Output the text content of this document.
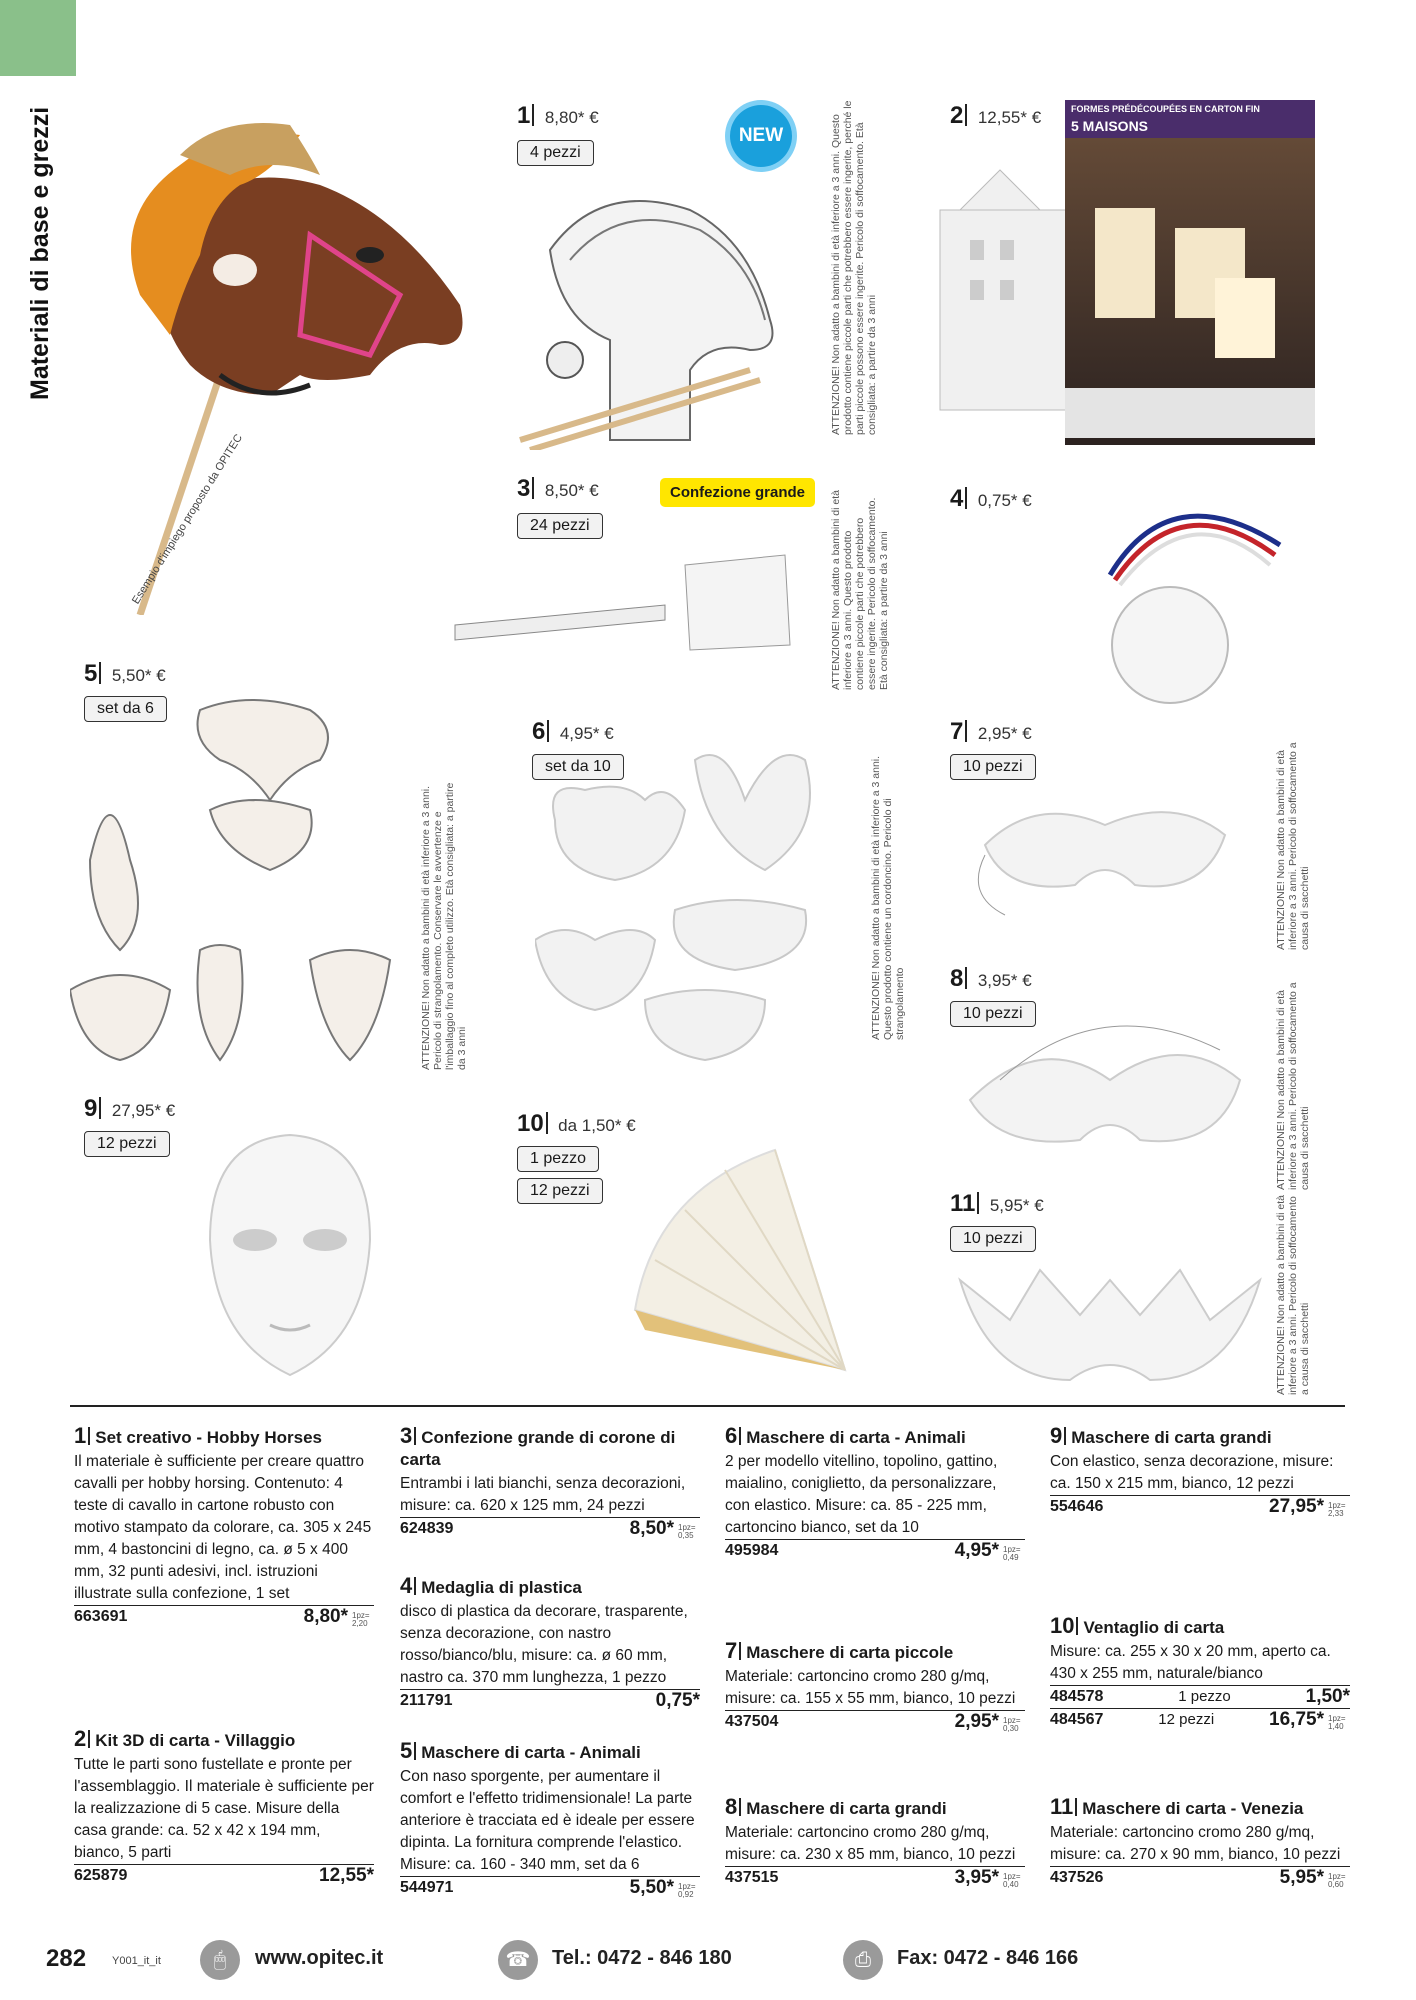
Materiali di base e grezzi
Esempio d'impiego proposto da OPITEC
1 8,80* €
4 pezzi
NEW	ATTENZIONE! Non adatto a bambini di età inferiore a 3 anni. Questo prodotto contiene piccole parti che potrebbero essere ingerite, perché le parti piccole possono essere ingerite. Pericolo di soffocamento. Età consigliata: a partire da 3 anni
2 12,55* €	FORMES PRÉDÉCOUPÉES EN CARTON FIN
5 MAISONS
3 8,50* €
24 pezzi
Confezione grande	ATTENZIONE! Non adatto a bambini di età inferiore a 3 anni. Questo prodotto contiene piccole parti che potrebbero essere ingerite. Pericolo di soffocamento. Età consigliata: a partire da 3 anni
4 0,75* €
5 5,50* €
set da 6
ATTENZIONE! Non adatto a bambini di età inferiore a 3 anni. Pericolo di strangolamento. Conservare le avvertenze e l'imballaggio fino al completo utilizzo. Età consigliata: a partire da 3 anni
6 4,95* €
set da 10	ATTENZIONE! Non adatto a bambini di età inferiore a 3 anni. Questo prodotto contiene un cordoncino. Pericolo di strangolamento
7 2,95* €
10 pezzi	ATTENZIONE! Non adatto a bambini di età inferiore a 3 anni. Pericolo di soffocamento a causa di sacchetti
8 3,95* €
10 pezzi	ATTENZIONE! Non adatto a bambini di età inferiore a 3 anni. Pericolo di soffocamento a causa di sacchetti
9 27,95* €
12 pezzi
10 da 1,50* €
1 pezzo
12 pezzi	11 5,95* €
10 pezzi	ATTENZIONE! Non adatto a bambini di età inferiore a 3 anni. Pericolo di soffocamento a causa di sacchetti
1 Set creativo - Hobby Horses
Il materiale è sufficiente per creare quattro cavalli per hobby horsing. Contenuto: 4 teste di cavallo in cartone robusto con motivo stampato da colorare, ca. 305 x 245 mm, 4 bastoncini di legno, ca. ø 5 x 400 mm, 32 punti adesivi, incl. istruzioni illustrate sulla confezione, 1 set
663691	8,80* 1pz= 2,20
2 Kit 3D di carta - Villaggio
Tutte le parti sono fustellate e pronte per l'assemblaggio. Il materiale è sufficiente per la realizzazione di 5 case. Misure della casa grande: ca. 52 x 42 x 194 mm, bianco, 5 parti
625879	12,55*
3 Confezione grande di corone di carta
Entrambi i lati bianchi, senza decorazioni, misure: ca. 620 x 125 mm, 24 pezzi
624839	8,50* 1pz= 0,35
4 Medaglia di plastica
disco di plastica da decorare, trasparente, senza decorazione, con nastro rosso/bianco/blu, misure: ca. ø 60 mm, nastro ca. 370 mm lunghezza, 1 pezzo
211791	0,75*
5 Maschere di carta - Animali
Con naso sporgente, per aumentare il comfort e l'effetto tridimensionale! La parte anteriore è tracciata ed è ideale per essere dipinta. La fornitura comprende l'elastico. Misure: ca. 160 - 340 mm, set da 6
544971	5,50* 1pz= 0,92
6 Maschere di carta - Animali
2 per modello vitellino, topolino, gattino, maialino, coniglietto, da personalizzare, con elastico. Misure: ca. 85 - 225 mm, cartoncino bianco, set da 10
495984	4,95* 1pz= 0,49
7 Maschere di carta piccole
Materiale: cartoncino cromo 280 g/mq, misure: ca. 155 x 55 mm, bianco, 10 pezzi
437504	2,95* 1pz= 0,30
8 Maschere di carta grandi
Materiale: cartoncino cromo 280 g/mq, misure: ca. 230 x 85 mm, bianco, 10 pezzi
437515	3,95* 1pz= 0,40
9 Maschere di carta grandi
Con elastico, senza decorazione, misure: ca. 150 x 215 mm, bianco, 12 pezzi
554646	27,95* 1pz= 2,33
10 Ventaglio di carta
Misure: ca. 255 x 30 x 20 mm, aperto ca. 430 x 255 mm, naturale/bianco
484578	1 pezzo	1,50*
484567	12 pezzi	16,75* 1pz= 1,40
11 Maschere di carta - Venezia
Materiale: cartoncino cromo 280 g/mq, misure: ca. 270 x 90 mm, bianco, 10 pezzi
437526	5,95* 1pz= 0,60
282 Y001_it_it	🖱	www.opitec.it	☎	Tel.: 0472 - 846 180	⎙	Fax: 0472 - 846 166
